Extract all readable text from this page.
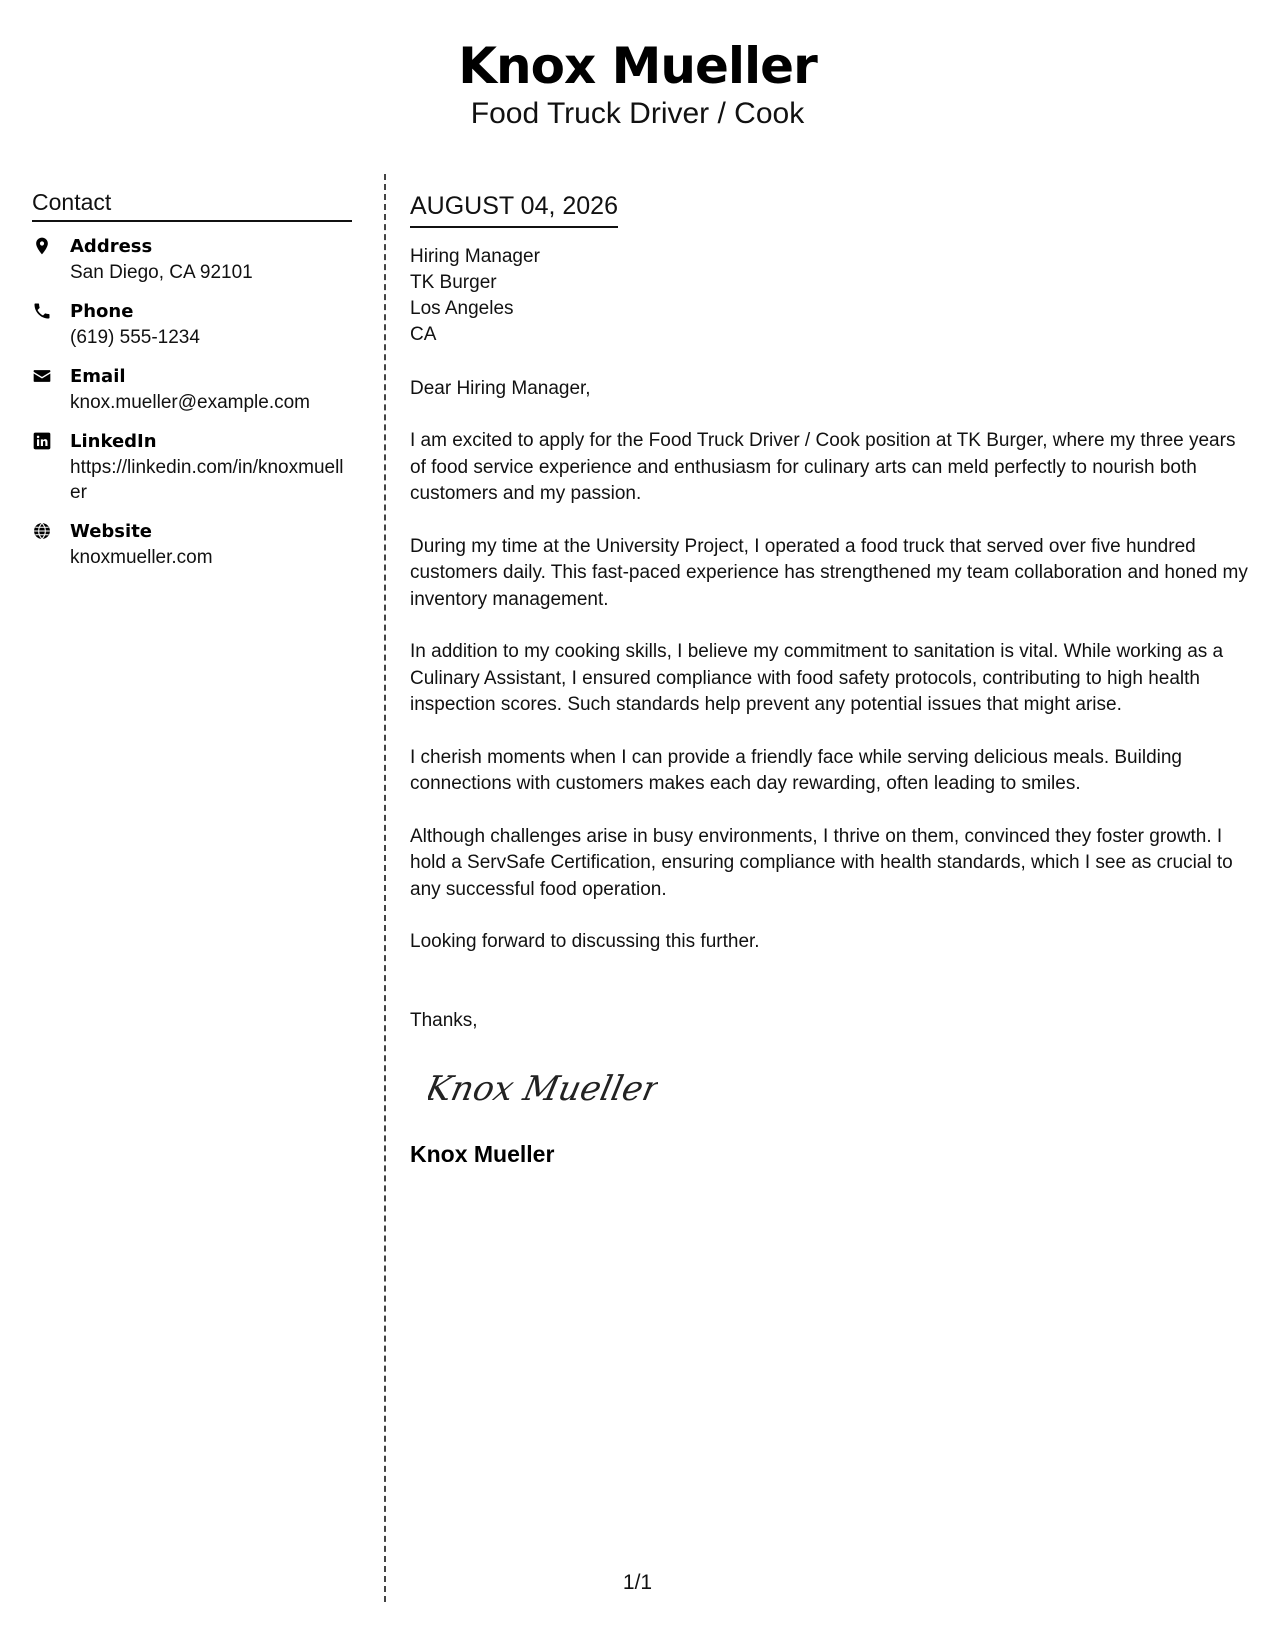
Knox Mueller
Food Truck Driver / Cook
Contact
Address
San Diego, CA 92101
Phone
(619) 555-1234
Email
knox.mueller@example.com
LinkedIn
https://linkedin.com/in/knoxmueller
Website
knoxmueller.com
AUGUST 04, 2026
Hiring Manager
TK Burger
Los Angeles
CA
Dear Hiring Manager,
I am excited to apply for the Food Truck Driver / Cook position at TK Burger, where my three years of food service experience and enthusiasm for culinary arts can meld perfectly to nourish both customers and my passion.
During my time at the University Project, I operated a food truck that served over five hundred customers daily. This fast-paced experience has strengthened my team collaboration and honed my inventory management.
In addition to my cooking skills, I believe my commitment to sanitation is vital. While working as a Culinary Assistant, I ensured compliance with food safety protocols, contributing to high health inspection scores. Such standards help prevent any potential issues that might arise.
I cherish moments when I can provide a friendly face while serving delicious meals. Building connections with customers makes each day rewarding, often leading to smiles.
Although challenges arise in busy environments, I thrive on them, convinced they foster growth. I hold a ServSafe Certification, ensuring compliance with health standards, which I see as crucial to any successful food operation.
Looking forward to discussing this further.
Thanks,
Knox Mueller
Knox Mueller
1/1
